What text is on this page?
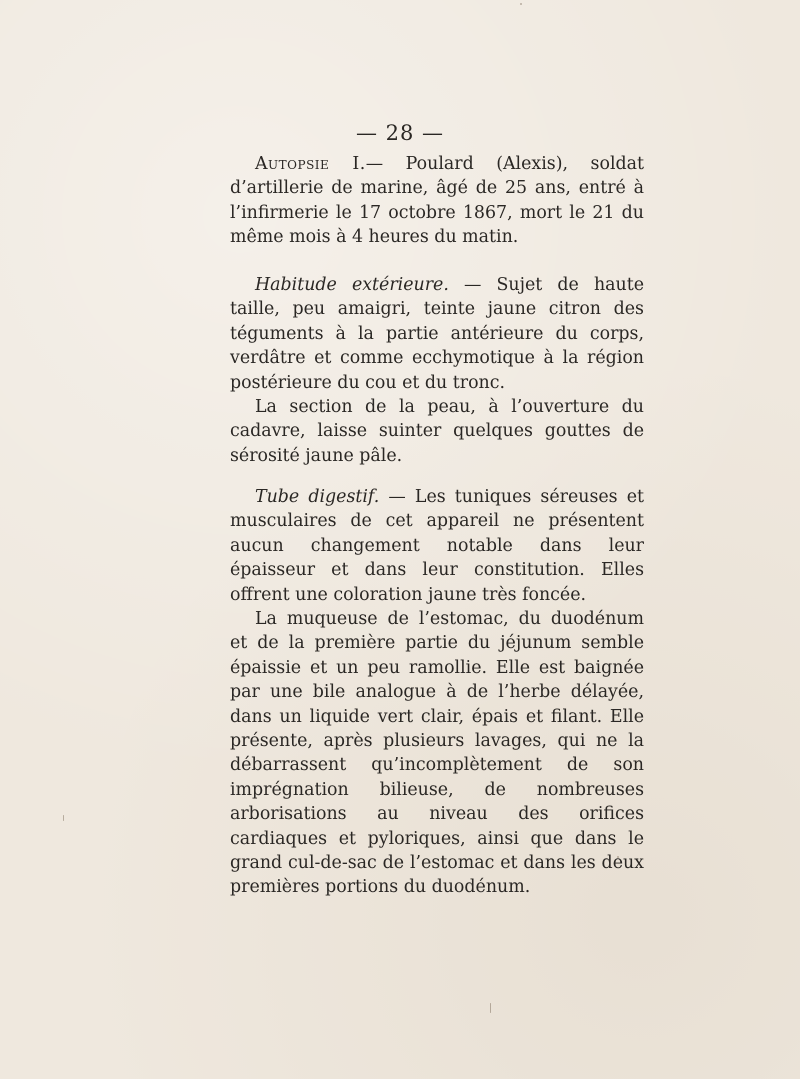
— 28 —

Autopsie I.— Poulard (Alexis), soldat d’artillerie de marine, âgé de 25 ans, entré à l’infirmerie le 17 octobre 1867, mort le 21 du même mois à 4 heures du matin.

Habitude extérieure. — Sujet de haute taille, peu amaigri, teinte jaune citron des téguments à la partie antérieure du corps, verdâtre et comme ecchymotique à la région postérieure du cou et du tronc.

La section de la peau, à l’ouverture du cadavre, laisse suinter quelques gouttes de sérosité jaune pâle.

Tube digestif. — Les tuniques séreuses et musculaires de cet appareil ne présentent aucun changement notable dans leur épaisseur et dans leur constitution. Elles offrent une coloration jaune très foncée.

La muqueuse de l’estomac, du duodénum et de la première partie du jéjunum semble épaissie et un peu ramollie. Elle est baignée par une bile analogue à de l’herbe délayée, dans un liquide vert clair, épais et filant. Elle présente, après plusieurs lavages, qui ne la débarrassent qu’incomplètement de son imprégnation bilieuse, de nombreuses arborisations au niveau des orifices cardiaques et pyloriques, ainsi que dans le grand cul-de-sac de l’estomac et dans les deux premières portions du duodénum.
